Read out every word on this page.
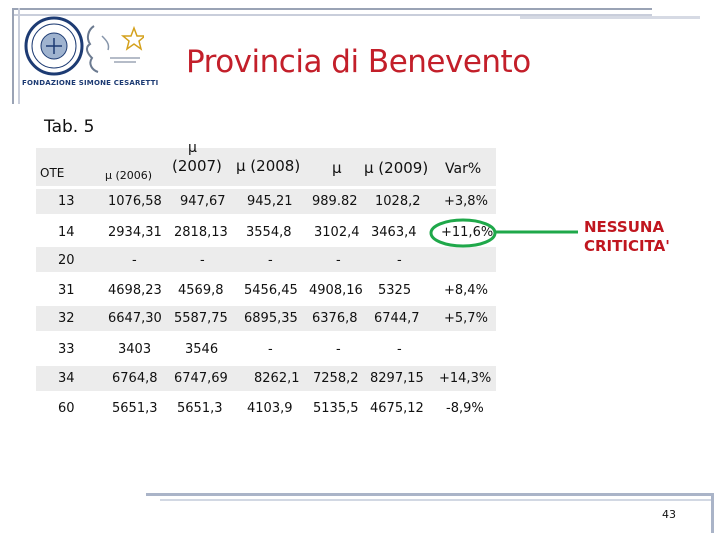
FONDAZIONE SIMONE CESARETTI
Provincia di Benevento
Tab. 5
OTE	μ (2006)
μ
(2007) μ (2008) μ μ (2009) Var%
13	1076,58 947,67 945,21 989.82 1028,2 +3,8%
14	2934,31 2818,13 3554,8 3102,4 3463,4 +11,6%
20	-	-	-	-	-
31	4698,23 4569,8 5456,45 4908,16 5325	+8,4%
32	6647,30 5587,75 6895,35 6376,8 6744,7 +5,7%
33	3403	3546	-	-	-
34	6764,8 6747,69 8262,1 7258,2 8297,15 +14,3%
60	5651,3 5651,3 4103,9 5135,5 4675,12 -8,9%
NESSUNA
CRITICITA'
43
